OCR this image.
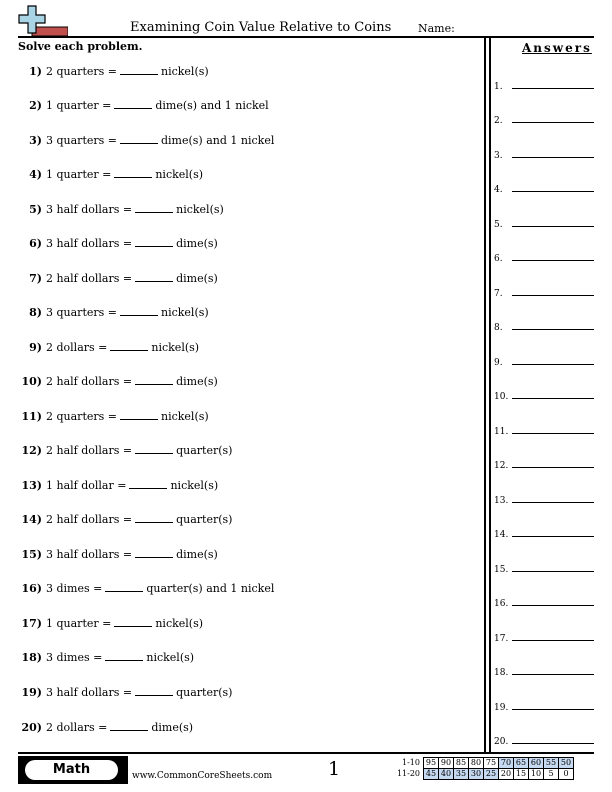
Examining Coin Value Relative to Coins Name:
Solve each problem.
1) 2 quarters =	nickel(s)
2) 1 quarter =	dime(s) and 1 nickel
3) 3 quarters =	dime(s) and 1 nickel
4) 1 quarter =	nickel(s)
5) 3 half dollars =	nickel(s)
6) 3 half dollars =	dime(s)
7) 2 half dollars =	dime(s)
8) 3 quarters =	nickel(s)
9) 2 dollars =	nickel(s)
10) 2 half dollars =	dime(s)
11) 2 quarters =	nickel(s)
12) 2 half dollars =	quarter(s)
13) 1 half dollar =	nickel(s)
14) 2 half dollars =	quarter(s)
15) 3 half dollars =	dime(s)
16) 3 dimes =	quarter(s) and 1 nickel
17) 1 quarter =	nickel(s)
18) 3 dimes =	nickel(s)
19) 3 half dollars =	quarter(s)
20) 2 dollars =	dime(s)
Answers
1.
2.
3.
4.
5.
6.
7.
8.
9.
10.
11.
12.
13.
14.
15.
16.
17.
18.
19.
20.
Math	www.CommonCoreSheets.com	1	1-10	95	90	85	80	75	70	65	60	55	50
11-20	45	40	35	30	25	20	15	10	5	0
